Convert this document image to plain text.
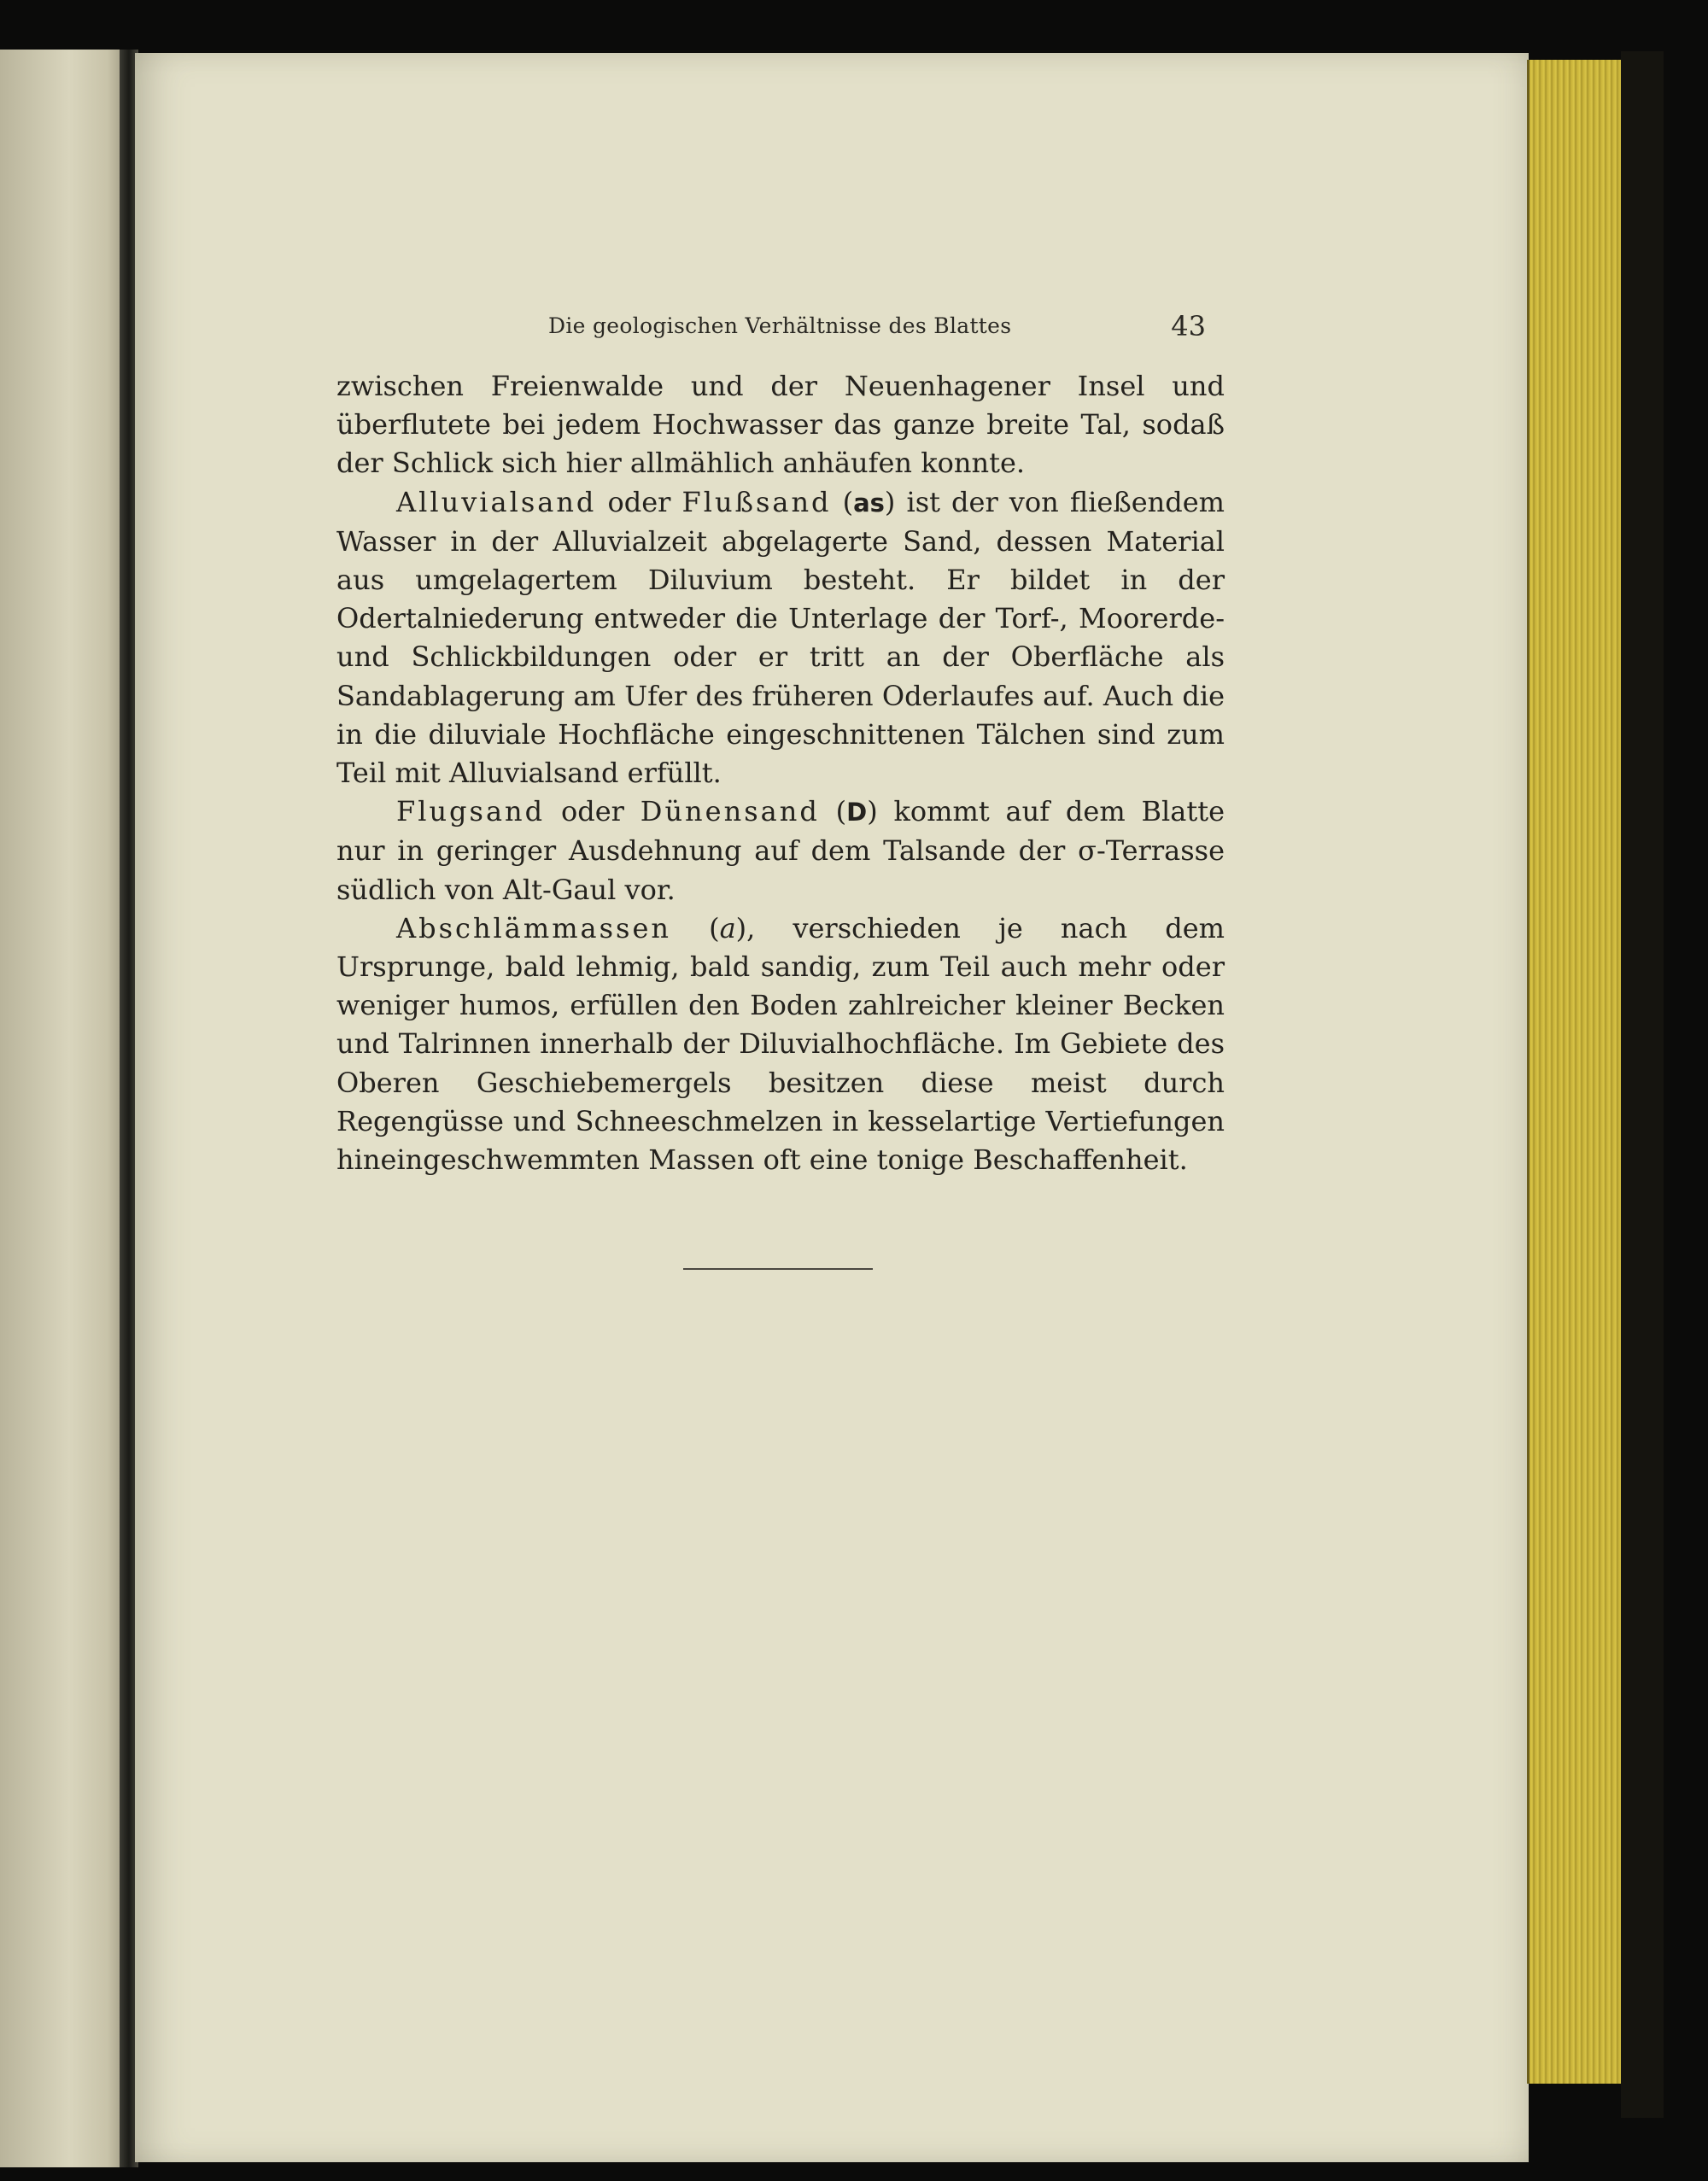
Die geologischen Verhältnisse des Blattes	43

zwischen Freienwalde und der Neuenhagener Insel und überflutete bei jedem Hochwasser das ganze breite Tal, sodaß der Schlick sich hier allmählich anhäufen konnte.

Alluvialsand oder Flußsand (as) ist der von fließendem Wasser in der Alluvialzeit abgelagerte Sand, dessen Material aus umgelagertem Diluvium besteht. Er bildet in der Odertalniederung entweder die Unterlage der Torf-, Moorerde- und Schlickbildungen oder er tritt an der Oberfläche als Sandablagerung am Ufer des früheren Oderlaufes auf. Auch die in die diluviale Hochfläche eingeschnittenen Tälchen sind zum Teil mit Alluvialsand erfüllt.

Flugsand oder Dünensand (D) kommt auf dem Blatte nur in geringer Ausdehnung auf dem Talsande der σ-Terrasse südlich von Alt-Gaul vor.

Abschlämmassen (a), verschieden je nach dem Ursprunge, bald lehmig, bald sandig, zum Teil auch mehr oder weniger humos, erfüllen den Boden zahlreicher kleiner Becken und Talrinnen innerhalb der Diluvialhochfläche. Im Gebiete des Oberen Geschiebemergels besitzen diese meist durch Regengüsse und Schneeschmelzen in kesselartige Vertiefungen hineingeschwemmten Massen oft eine tonige Beschaffenheit.
